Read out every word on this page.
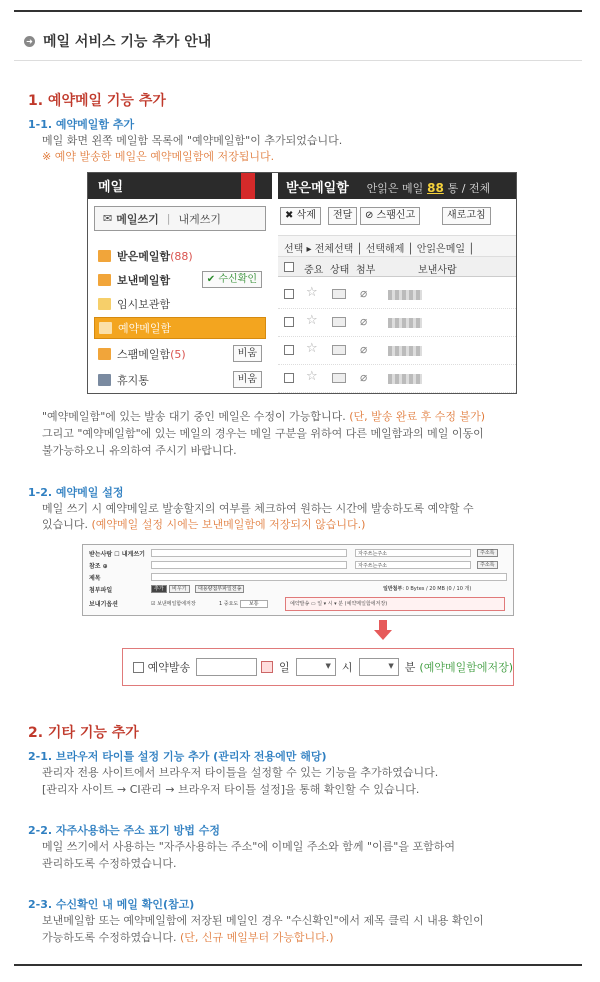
➜ 메일 서비스 기능 추가 안내
1. 예약메일 기능 추가
1-1. 예약메일함 추가
메일 화면 왼쪽 메일함 목록에 "예약메일함"이 추가되었습니다.
※ 예약 발송한 메일은 예약메일함에 저장됩니다.
메일
✉ 메일쓰기 | 내게쓰기
받은메일함 (88)
보낸메일함	✔ 수신확인
임시보관함
예약메일함
스팸메일함 (5)	비움
휴지통	비움
받은메일함 안읽은 메일 88 통 / 전체
✖ 삭제	전달	⊘ 스팸신고	새로고침
선택 ▸ 전체선택 │ 선택해제 │ 안읽은메일 │
중요 상태 첨부	보낸사람
☆	⌀
☆	⌀
☆	⌀
☆	⌀
"예약메일함"에 있는 발송 대기 중인 메일은 수정이 가능합니다. (단, 발송 완료 후 수정 불가)
그리고 "예약메일함"에 있는 메일의 경우는 메일 구분을 위하여 다른 메일함과의 메일 이동이
불가능하오니 유의하여 주시기 바랍니다.
1-2. 예약메일 설정
메일 쓰기 시 예약메일로 발송할지의 여부를 체크하여 원하는 시간에 발송하도록 예약할 수
있습니다. (예약메일 설정 시에는 보낸메일함에 저장되지 않습니다.)
받는사람 ☐ 내게쓰기	자주쓰는주소	주소록
참조 ⊕	자주쓰는주소	주소록
제목
첨부파일	추가	비우기	대용량첨부파일전송	일반첨부: 0 Bytes / 20 MB (0 / 10 개)
보내기옵션	☑ 보낸메일함에저장	1 중요도 보통	예약발송 ▭ 일 ▾ 시 ▾ 분 (예약메일함에저장)
예약발송	일 ▼	시 ▼	분 (예약메일함에저장)
2. 기타 기능 추가
2-1. 브라우저 타이틀 설정 기능 추가 (관리자 전용에만 해당)
관리자 전용 사이트에서 브라우저 타이틀을 설정할 수 있는 기능을 추가하였습니다.
[관리자 사이트 → CI관리 → 브라우저 타이틀 설정]을 통해 확인할 수 있습니다.
2-2. 자주사용하는 주소 표기 방법 수정
메일 쓰기에서 사용하는 "자주사용하는 주소"에 이메일 주소와 함께 "이름"을 포함하여
관리하도록 수정하였습니다.
2-3. 수신확인 내 메일 확인(참고)
보낸메일함 또는 예약메일함에 저장된 메일인 경우 "수신확인"에서 제목 클릭 시 내용 확인이
가능하도록 수정하였습니다. (단, 신규 메일부터 가능합니다.)
